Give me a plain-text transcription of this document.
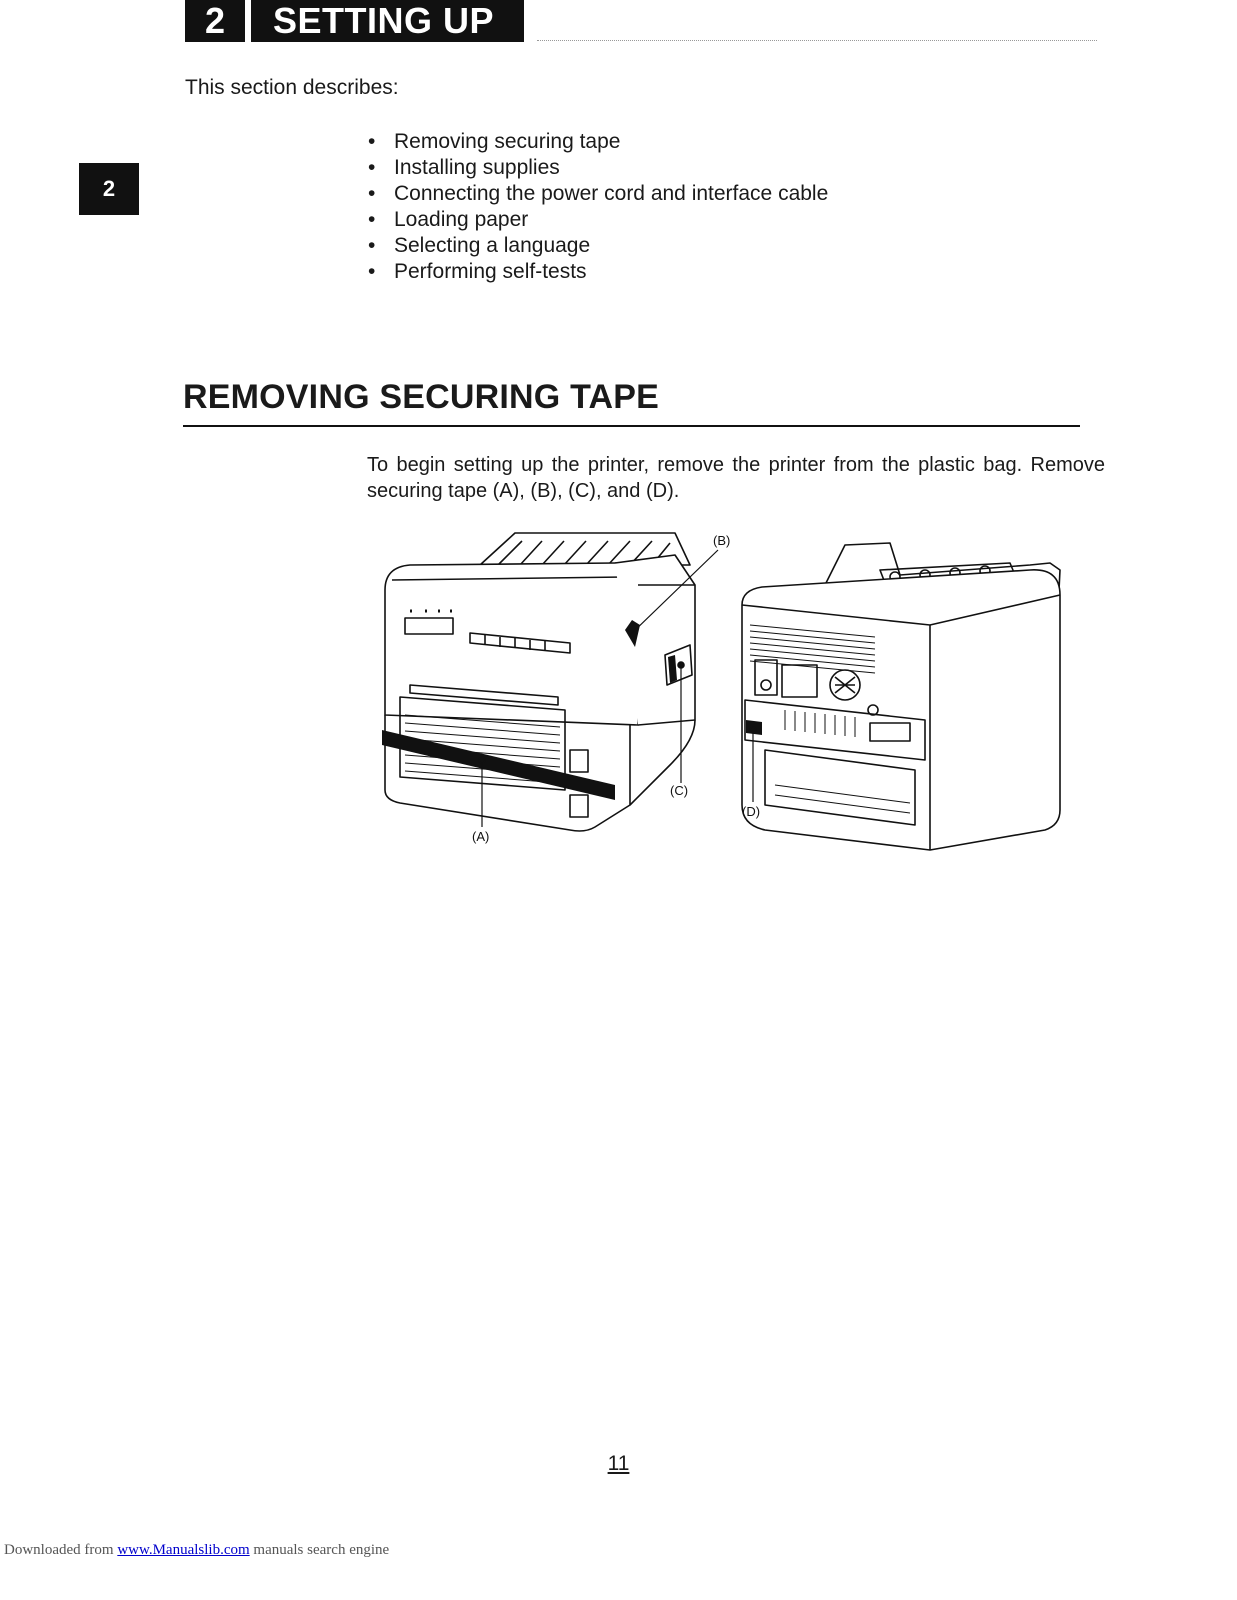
2	SETTING UP
2

This section describes:

• Removing securing tape
• Installing supplies
• Connecting the power cord and interface cable
• Loading paper
• Selecting a language
• Performing self-tests
REMOVING SECURING TAPE

To begin setting up the printer, remove the printer from the plastic bag. Remove securing tape (A), (B), (C), and (D).

(B)
(C)
(D)
(A)
11
Downloaded from www.Manualslib.com manuals search engine
